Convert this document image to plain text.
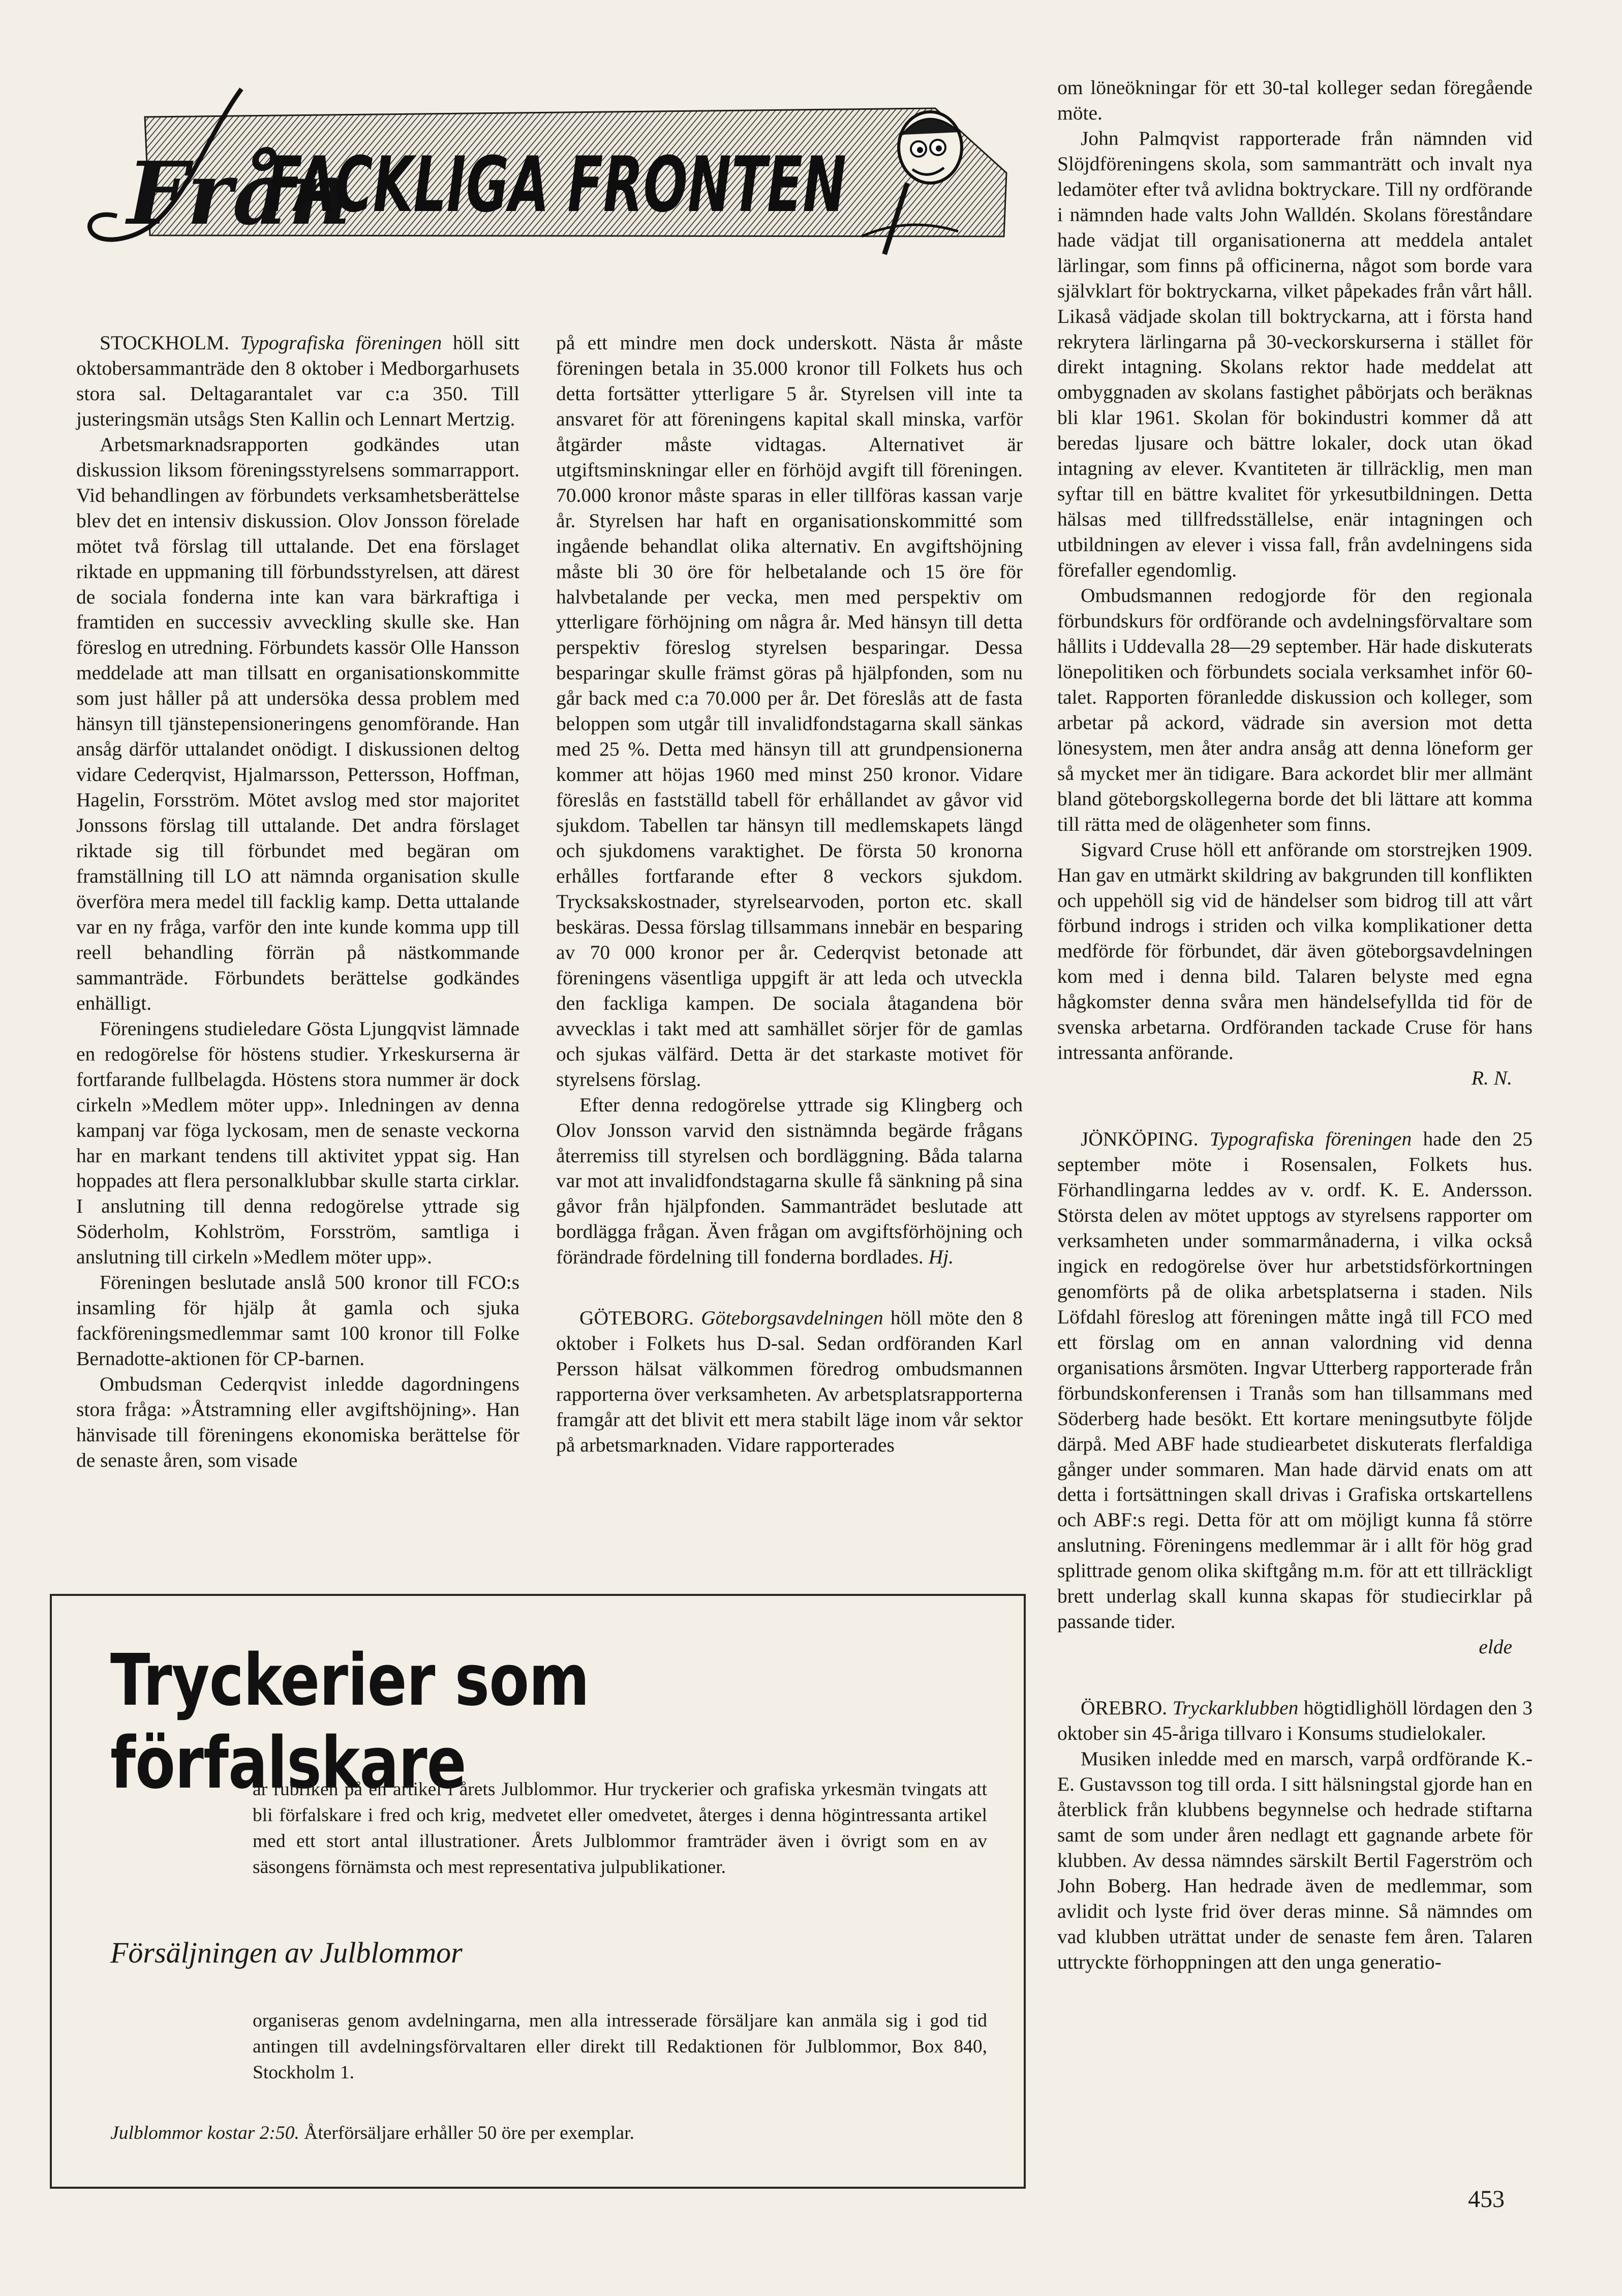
Från
FACKLIGA FRONTEN

STOCKHOLM. Typografiska föreningen höll sitt oktobersammanträde den 8 oktober i Medborgarhusets stora sal. Deltagarantalet var c:a 350. Till justeringsmän utsågs Sten Kallin och Lennart Mertzig.

Arbetsmarknadsrapporten godkändes utan diskussion liksom föreningsstyrelsens sommarrapport. Vid behandlingen av förbundets verksamhetsberättelse blev det en intensiv diskussion. Olov Jonsson förelade mötet två förslag till uttalande. Det ena förslaget riktade en uppmaning till förbundsstyrelsen, att därest de sociala fonderna inte kan vara bärkraftiga i framtiden en successiv avveckling skulle ske. Han föreslog en utredning. Förbundets kassör Olle Hansson meddelade att man tillsatt en organisationskommitte som just håller på att undersöka dessa problem med hänsyn till tjänstepensioneringens genomförande. Han ansåg därför uttalandet onödigt. I diskussionen deltog vidare Cederqvist, Hjalmarsson, Pettersson, Hoffman, Hagelin, Forsström. Mötet avslog med stor majoritet Jonssons förslag till uttalande. Det andra förslaget riktade sig till förbundet med begäran om framställning till LO att nämnda organisation skulle överföra mera medel till facklig kamp. Detta uttalande var en ny fråga, varför den inte kunde komma upp till reell behandling förrän på nästkommande sammanträde. Förbundets berättelse godkändes enhälligt.

Föreningens studieledare Gösta Ljungqvist lämnade en redogörelse för höstens studier. Yrkeskurserna är fortfarande fullbelagda. Höstens stora nummer är dock cirkeln »Medlem möter upp». Inledningen av denna kampanj var föga lyckosam, men de senaste veckorna har en markant tendens till aktivitet yppat sig. Han hoppades att flera personalklubbar skulle starta cirklar. I anslutning till denna redogörelse yttrade sig Söderholm, Kohlström, Forsström, samtliga i anslutning till cirkeln »Medlem möter upp».

Föreningen beslutade anslå 500 kronor till FCO:s insamling för hjälp åt gamla och sjuka fackföreningsmedlemmar samt 100 kronor till Folke Bernadotte-aktionen för CP-barnen.

Ombudsman Cederqvist inledde dagordningens stora fråga: »Åtstramning eller avgiftshöjning». Han hänvisade till föreningens ekonomiska berättelse för de senaste åren, som visade

på ett mindre men dock underskott. Nästa år måste föreningen betala in 35.000 kronor till Folkets hus och detta fortsätter ytterligare 5 år. Styrelsen vill inte ta ansvaret för att föreningens kapital skall minska, varför åtgärder måste vidtagas. Alternativet är utgiftsminskningar eller en förhöjd avgift till föreningen. 70.000 kronor måste sparas in eller tillföras kassan varje år. Styrelsen har haft en organisationskommitté som ingående behandlat olika alternativ. En avgiftshöjning måste bli 30 öre för helbetalande och 15 öre för halvbetalande per vecka, men med perspektiv om ytterligare förhöjning om några år. Med hänsyn till detta perspektiv föreslog styrelsen besparingar. Dessa besparingar skulle främst göras på hjälpfonden, som nu går back med c:a 70.000 per år. Det föreslås att de fasta beloppen som utgår till invalidfondstagarna skall sänkas med 25 %. Detta med hänsyn till att grundpensionerna kommer att höjas 1960 med minst 250 kronor. Vidare föreslås en fastställd tabell för erhållandet av gåvor vid sjukdom. Tabellen tar hänsyn till medlemskapets längd och sjukdomens varaktighet. De första 50 kronorna erhålles fortfarande efter 8 veckors sjukdom. Trycksakskostnader, styrelsearvoden, porton etc. skall beskäras. Dessa förslag tillsammans innebär en besparing av 70 000 kronor per år. Cederqvist betonade att föreningens väsentliga uppgift är att leda och utveckla den fackliga kampen. De sociala åtagandena bör avvecklas i takt med att samhället sörjer för de gamlas och sjukas välfärd. Detta är det starkaste motivet för styrelsens förslag.

Efter denna redogörelse yttrade sig Klingberg och Olov Jonsson varvid den sistnämnda begärde frågans återremiss till styrelsen och bordläggning. Båda talarna var mot att invalidfondstagarna skulle få sänkning på sina gåvor från hjälpfonden. Sammanträdet beslutade att bordlägga frågan. Även frågan om avgiftsförhöjning och förändrade fördelning till fonderna bordlades. Hj.

GÖTEBORG. Göteborgsavdelningen höll möte den 8 oktober i Folkets hus D-sal. Sedan ordföranden Karl Persson hälsat välkommen föredrog ombudsmannen rapporterna över verksamheten. Av arbetsplatsrapporterna framgår att det blivit ett mera stabilt läge inom vår sektor på arbetsmarknaden. Vidare rapporterades

om löneökningar för ett 30-tal kolleger sedan föregående möte.

John Palmqvist rapporterade från nämnden vid Slöjdföreningens skola, som sammanträtt och invalt nya ledamöter efter två avlidna boktryckare. Till ny ordförande i nämnden hade valts John Walldén. Skolans föreståndare hade vädjat till organisationerna att meddela antalet lärlingar, som finns på officinerna, något som borde vara självklart för boktryckarna, vilket påpekades från vårt håll. Likaså vädjade skolan till boktryckarna, att i första hand rekrytera lärlingarna på 30-veckorskurserna i stället för direkt intagning. Skolans rektor hade meddelat att ombyggnaden av skolans fastighet påbörjats och beräknas bli klar 1961. Skolan för bokindustri kommer då att beredas ljusare och bättre lokaler, dock utan ökad intagning av elever. Kvantiteten är tillräcklig, men man syftar till en bättre kvalitet för yrkesutbildningen. Detta hälsas med tillfredsställelse, enär intagningen och utbildningen av elever i vissa fall, från avdelningens sida förefaller egendomlig.

Ombudsmannen redogjorde för den regionala förbundskurs för ordförande och avdelningsförvaltare som hållits i Uddevalla 28—29 september. Här hade diskuterats lönepolitiken och förbundets sociala verksamhet inför 60-talet. Rapporten föranledde diskussion och kolleger, som arbetar på ackord, vädrade sin aversion mot detta lönesystem, men åter andra ansåg att denna löneform ger så mycket mer än tidigare. Bara ackordet blir mer allmänt bland göteborgskollegerna borde det bli lättare att komma till rätta med de olägenheter som finns.

Sigvard Cruse höll ett anförande om storstrejken 1909. Han gav en utmärkt skildring av bakgrunden till konflikten och uppehöll sig vid de händelser som bidrog till att vårt förbund indrogs i striden och vilka komplikationer detta medförde för förbundet, där även göteborgsavdelningen kom med i denna bild. Talaren belyste med egna hågkomster denna svåra men händelsefyllda tid för de svenska arbetarna. Ordföranden tackade Cruse för hans intressanta anförande.

R. N.

JÖNKÖPING. Typografiska föreningen hade den 25 september möte i Rosensalen, Folkets hus. Förhandlingarna leddes av v. ordf. K. E. Andersson. Största delen av mötet upptogs av styrelsens rapporter om verksamheten under sommarmånaderna, i vilka också ingick en redogörelse över hur arbetstidsförkortningen genomförts på de olika arbetsplatserna i staden. Nils Löfdahl föreslog att föreningen måtte ingå till FCO med ett förslag om en annan valordning vid denna organisations årsmöten. Ingvar Utterberg rapporterade från förbundskonferensen i Tranås som han tillsammans med Söderberg hade besökt. Ett kortare meningsutbyte följde därpå. Med ABF hade studiearbetet diskuterats flerfaldiga gånger under sommaren. Man hade därvid enats om att detta i fortsättningen skall drivas i Grafiska ortskartellens och ABF:s regi. Detta för att om möjligt kunna få större anslutning. Föreningens medlemmar är i allt för hög grad splittrade genom olika skiftgång m.m. för att ett tillräckligt brett underlag skall kunna skapas för studiecirklar på passande tider.

elde

ÖREBRO. Tryckarklubben högtidlighöll lördagen den 3 oktober sin 45-åriga tillvaro i Konsums studielokaler.

Musiken inledde med en marsch, varpå ordförande K.-E. Gustavsson tog till orda. I sitt hälsningstal gjorde han en återblick från klubbens begynnelse och hedrade stiftarna samt de som under åren nedlagt ett gagnande arbete för klubben. Av dessa nämndes särskilt Bertil Fagerström och John Boberg. Han hedrade även de medlemmar, som avlidit och lyste frid över deras minne. Så nämndes om vad klubben uträttat under de senaste fem åren. Talaren uttryckte förhoppningen att den unga generatio-

Tryckerier som förfalskare
är rubriken på en artikel i årets Julblommor. Hur tryckerier och grafiska yrkesmän tvingats att bli förfalskare i fred och krig, medvetet eller omedvetet, återges i denna högintressanta artikel med ett stort antal illustrationer. Årets Julblommor framträder även i övrigt som en av säsongens förnämsta och mest representativa julpublikationer.
Försäljningen av Julblommor
organiseras genom avdelningarna, men alla intresserade försäljare kan anmäla sig i god tid antingen till avdelningsförvaltaren eller direkt till Redaktionen för Julblommor, Box 840, Stockholm 1.
Julblommor kostar 2:50. Återförsäljare erhåller 50 öre per exemplar.
453
